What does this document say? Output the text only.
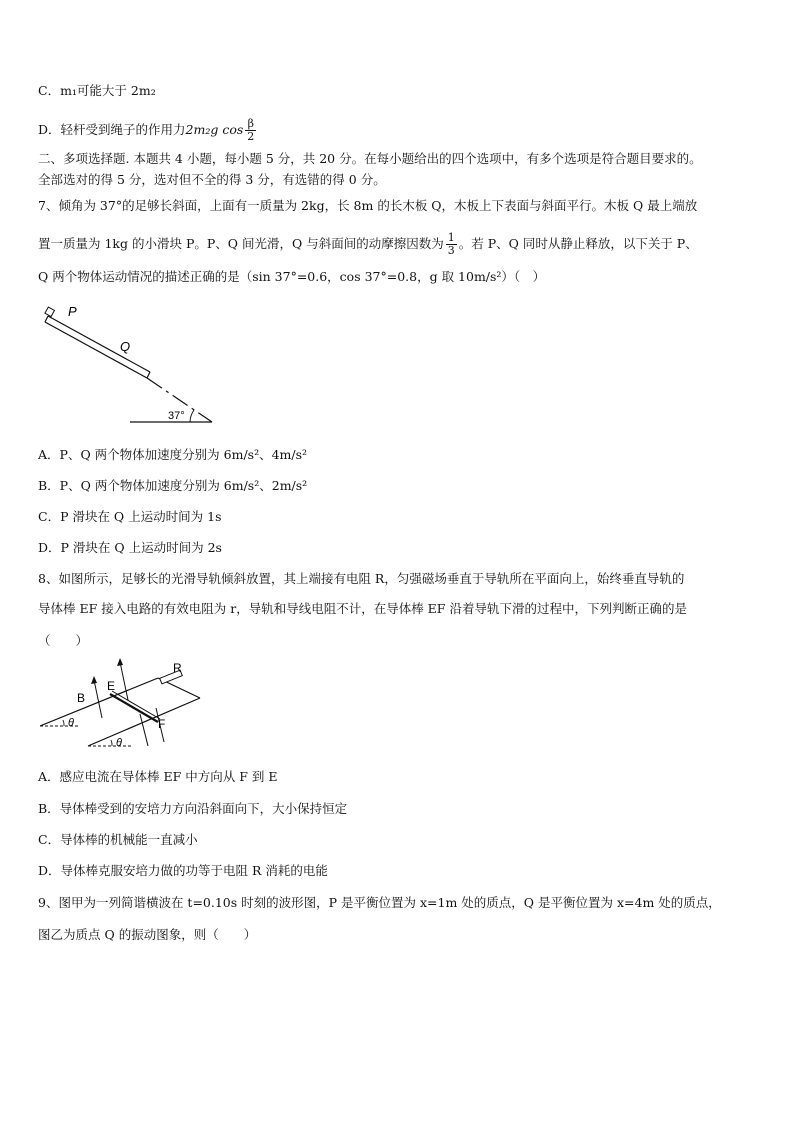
C．m₁可能大于 2m₂
D．轻杆受到绳子的作用力2m₂g $\cos \frac{\beta}{2}$
二、多项选择题. 本题共 4 小题，每小题 5 分，共 20 分。在每小题给出的四个选项中，有多个选项是符合题目要求的。
全部选对的得 5 分，选对但不全的得 3 分，有选错的得 0 分。
7、倾角为 37°的足够长斜面，上面有一质量为 2kg，长 8m 的长木板 Q，木板上下表面与斜面平行。木板 Q 最上端放
置一质量为 1kg 的小滑块 P。P、Q 间光滑，Q 与斜面间的动摩擦因数为 $\frac{1}{3}$ 。若 P、Q 同时从静止释放，以下关于 P、
Q 两个物体运动情况的描述正确的是（sin 37°=0.6，cos 37°=0.8，g 取 10m/s²）（　）
P
Q
37°
A．P、Q 两个物体加速度分别为 6m/s²、4m/s²
B．P、Q 两个物体加速度分别为 6m/s²、2m/s²
C．P 滑块在 Q 上运动时间为 1s
D．P 滑块在 Q 上运动时间为 2s
8、如图所示，足够长的光滑导轨倾斜放置，其上端接有电阻 R，匀强磁场垂直于导轨所在平面向上，始终垂直导轨的
导体棒 EF 接入电路的有效电阻为 r，导轨和导线电阻不计，在导体棒 EF 沿着导轨下滑的过程中，下列判断正确的是
（　　）
R
E
B
F
θ
θ
A．感应电流在导体棒 EF 中方向从 F 到 E
B．导体棒受到的安培力方向沿斜面向下，大小保持恒定
C．导体棒的机械能一直减小
D．导体棒克服安培力做的功等于电阻 R 消耗的电能
9、图甲为一列简谐横波在 t=0.10s 时刻的波形图，P 是平衡位置为 x=1m 处的质点，Q 是平衡位置为 x=4m 处的质点，
图乙为质点 Q 的振动图象，则（　　）
